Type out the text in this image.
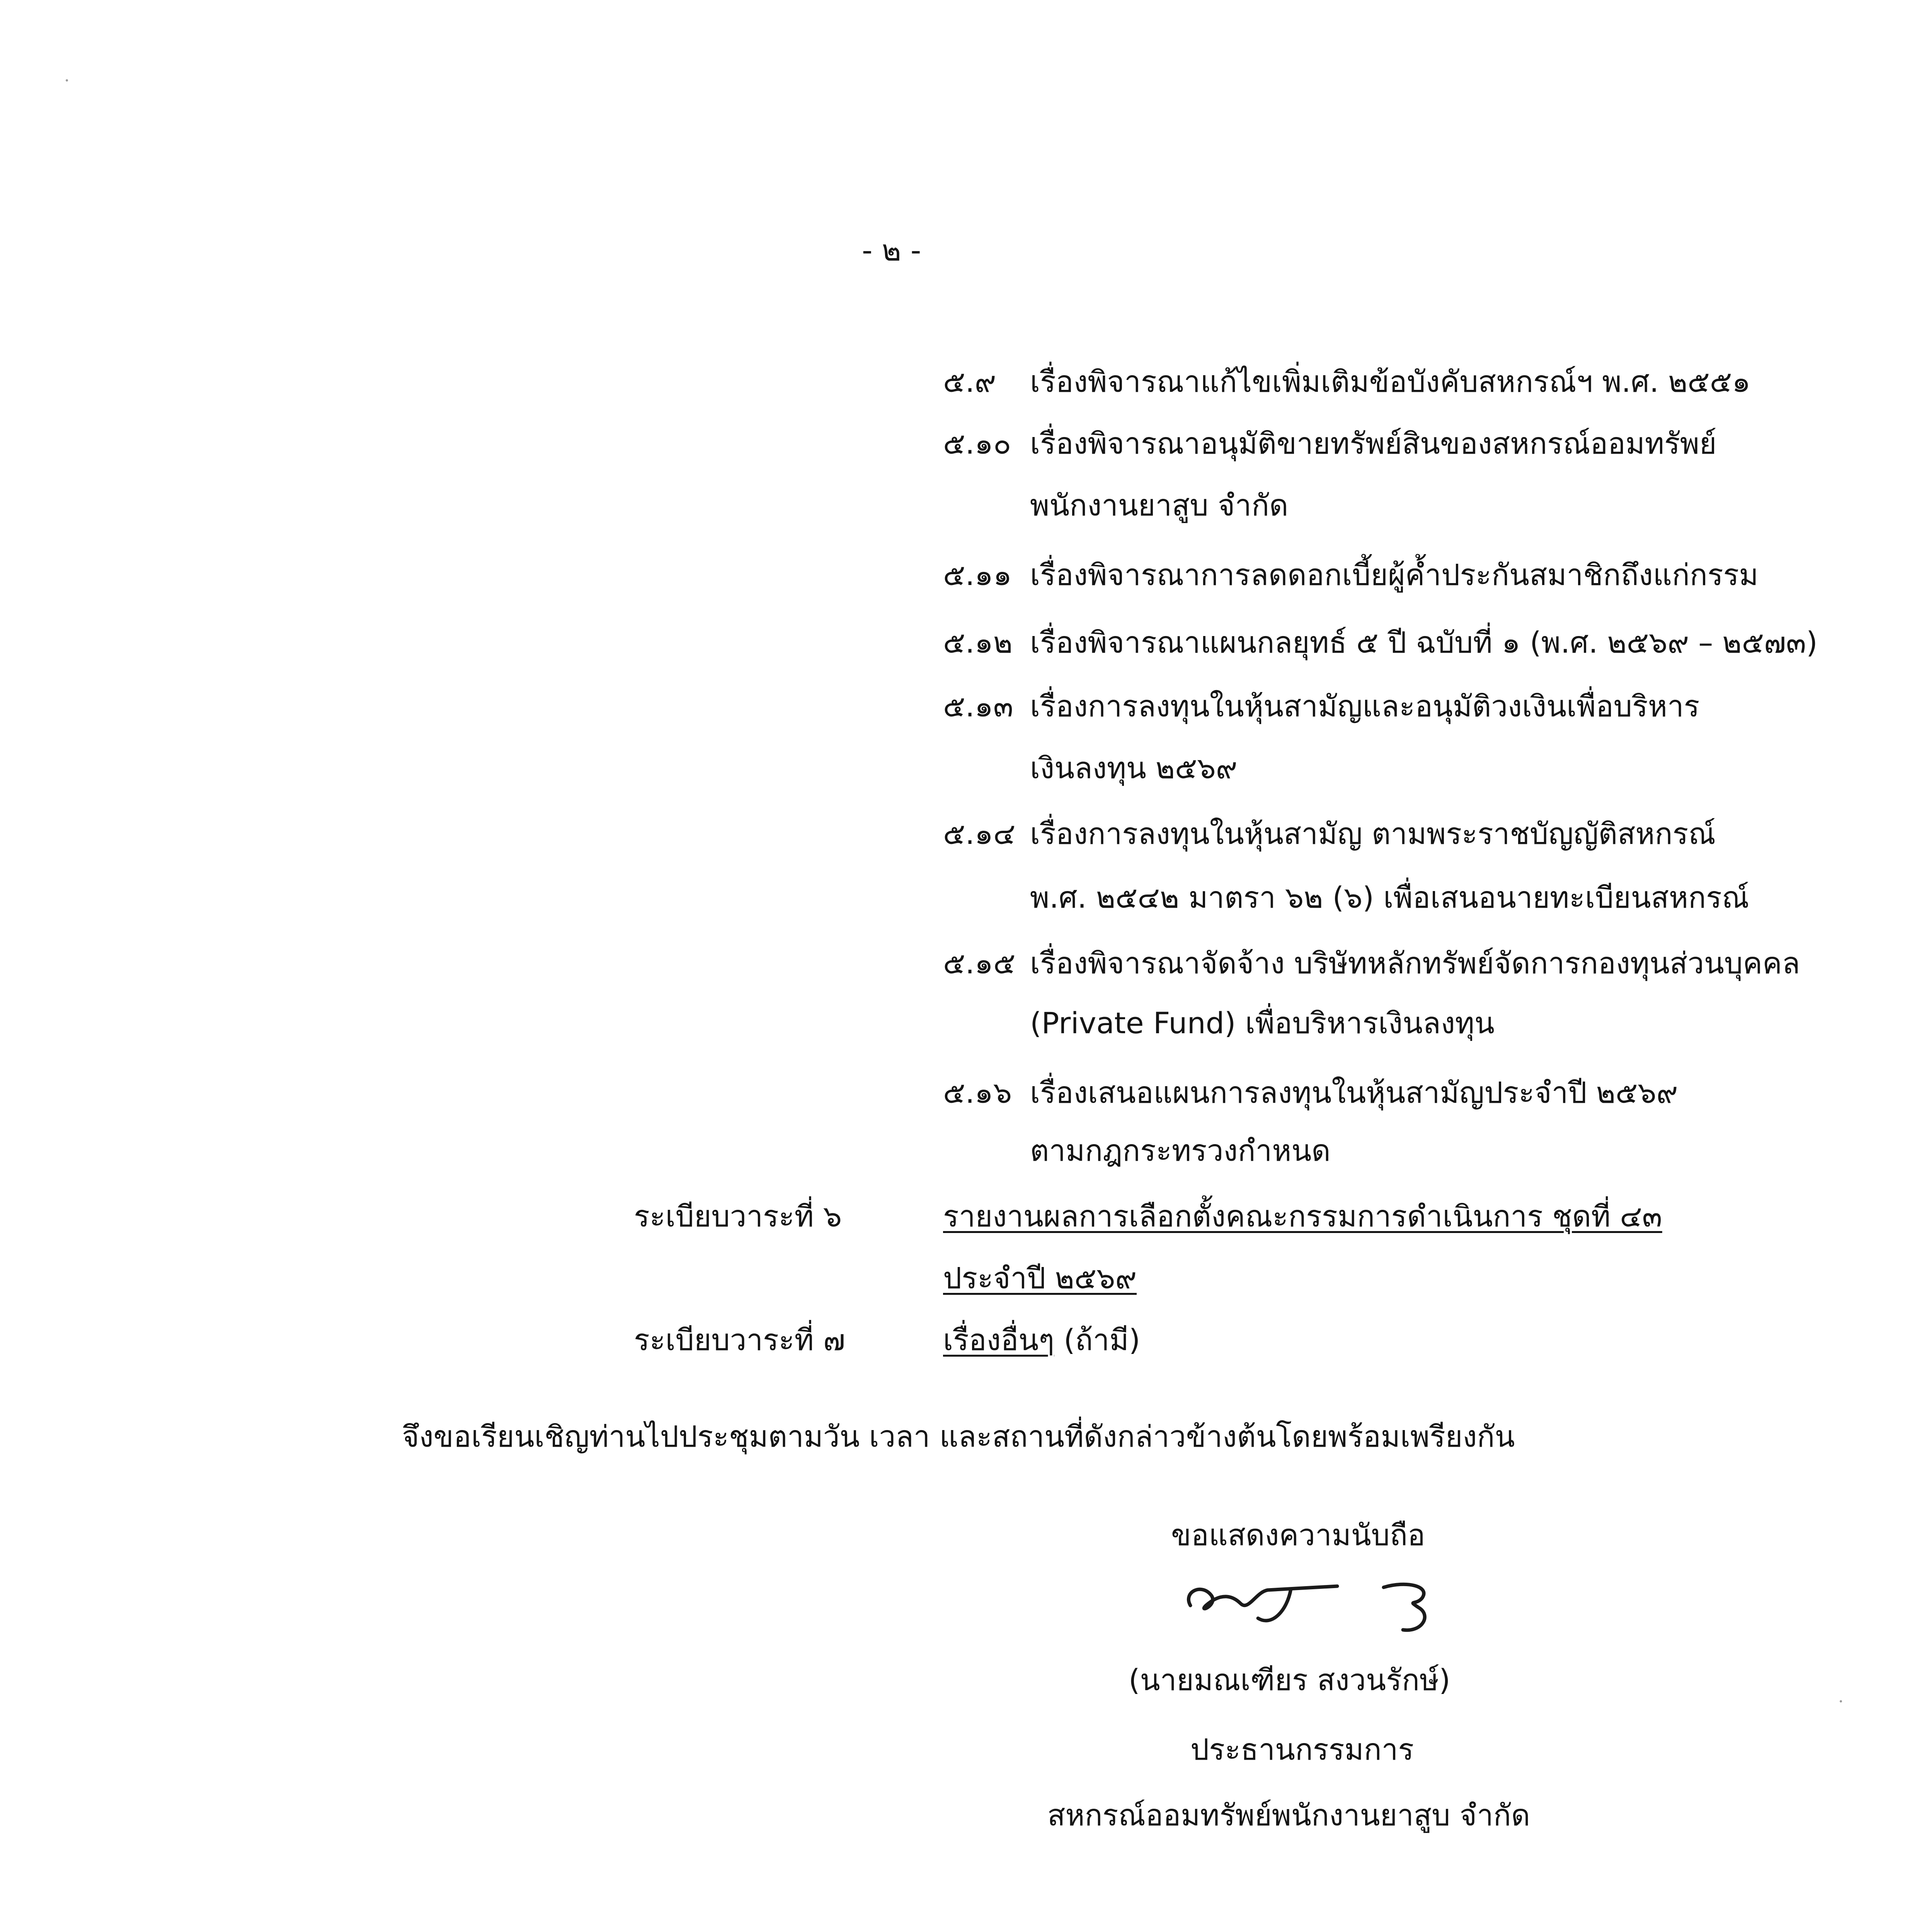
- ๒ -
๕.๙ เรื่องพิจารณาแก้ไขเพิ่มเติมข้อบังคับสหกรณ์ฯ พ.ศ. ๒๕๕๑
๕.๑๐ เรื่องพิจารณาอนุมัติขายทรัพย์สินของสหกรณ์ออมทรัพย์
พนักงานยาสูบ จำกัด
๕.๑๑ เรื่องพิจารณาการลดดอกเบี้ยผู้ค้ำประกันสมาชิกถึงแก่กรรม
๕.๑๒ เรื่องพิจารณาแผนกลยุทธ์ ๕ ปี ฉบับที่ ๑ (พ.ศ. ๒๕๖๙ – ๒๕๗๓)
๕.๑๓ เรื่องการลงทุนในหุ้นสามัญและอนุมัติวงเงินเพื่อบริหาร
เงินลงทุน ๒๕๖๙
๕.๑๔ เรื่องการลงทุนในหุ้นสามัญ ตามพระราชบัญญัติสหกรณ์
พ.ศ. ๒๕๔๒ มาตรา ๖๒ (๖) เพื่อเสนอนายทะเบียนสหกรณ์
๕.๑๕ เรื่องพิจารณาจัดจ้าง บริษัทหลักทรัพย์จัดการกองทุนส่วนบุคคล
(Private Fund) เพื่อบริหารเงินลงทุน
๕.๑๖ เรื่องเสนอแผนการลงทุนในหุ้นสามัญประจำปี ๒๕๖๙
ตามกฎกระทรวงกำหนด
ระเบียบวาระที่ ๖	รายงานผลการเลือกตั้งคณะกรรมการดำเนินการ ชุดที่ ๔๓
ประจำปี ๒๕๖๙
ระเบียบวาระที่ ๗	เรื่องอื่นๆ (ถ้ามี)
จึงขอเรียนเชิญท่านไปประชุมตามวัน เวลา และสถานที่ดังกล่าวข้างต้นโดยพร้อมเพรียงกัน
ขอแสดงความนับถือ
(นายมณเฑียร สงวนรักษ์)
ประธานกรรมการ
สหกรณ์ออมทรัพย์พนักงานยาสูบ จำกัด
